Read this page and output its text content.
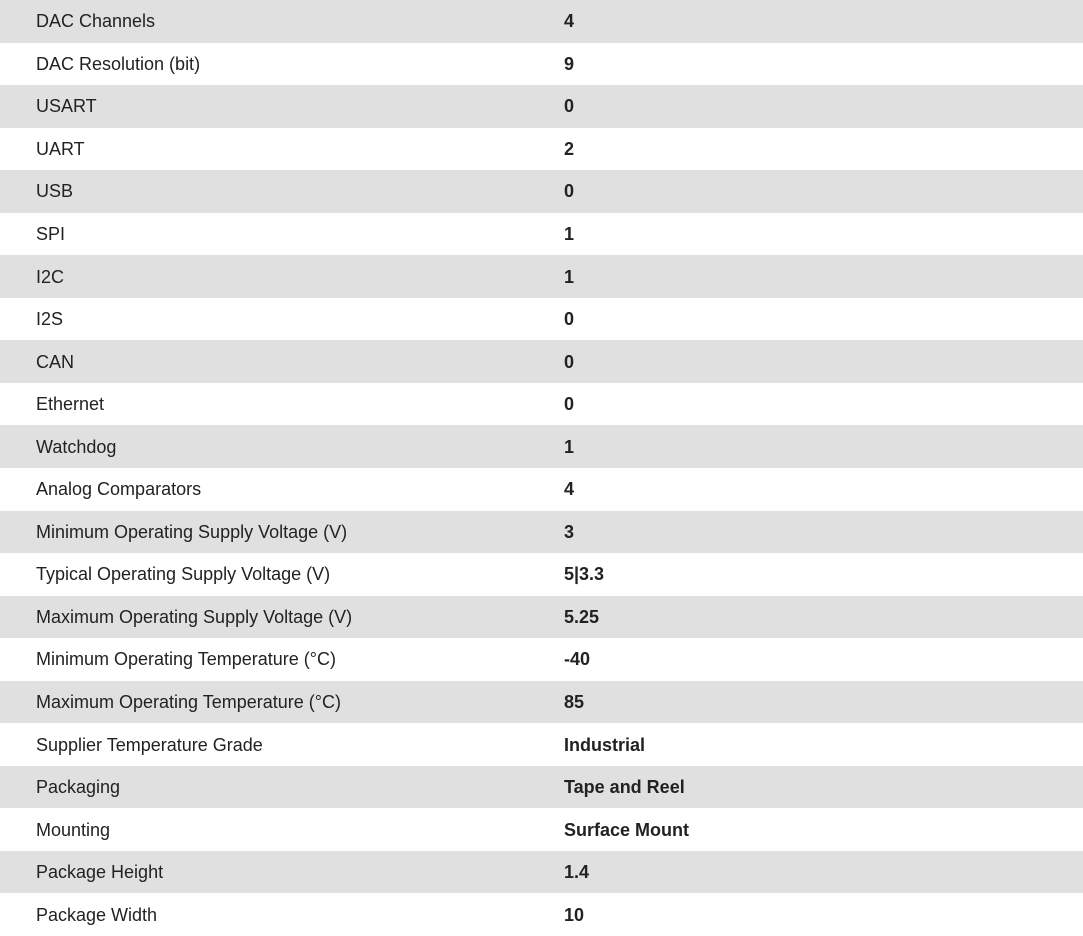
DAC Channels	4
DAC Resolution (bit)	9
USART	0
UART	2
USB	0
SPI	1
I2C	1
I2S	0
CAN	0
Ethernet	0
Watchdog	1
Analog Comparators	4
Minimum Operating Supply Voltage (V)	3
Typical Operating Supply Voltage (V)	5|3.3
Maximum Operating Supply Voltage (V)	5.25
Minimum Operating Temperature (°C)	-40
Maximum Operating Temperature (°C)	85
Supplier Temperature Grade	Industrial
Packaging	Tape and Reel
Mounting	Surface Mount
Package Height	1.4
Package Width	10
